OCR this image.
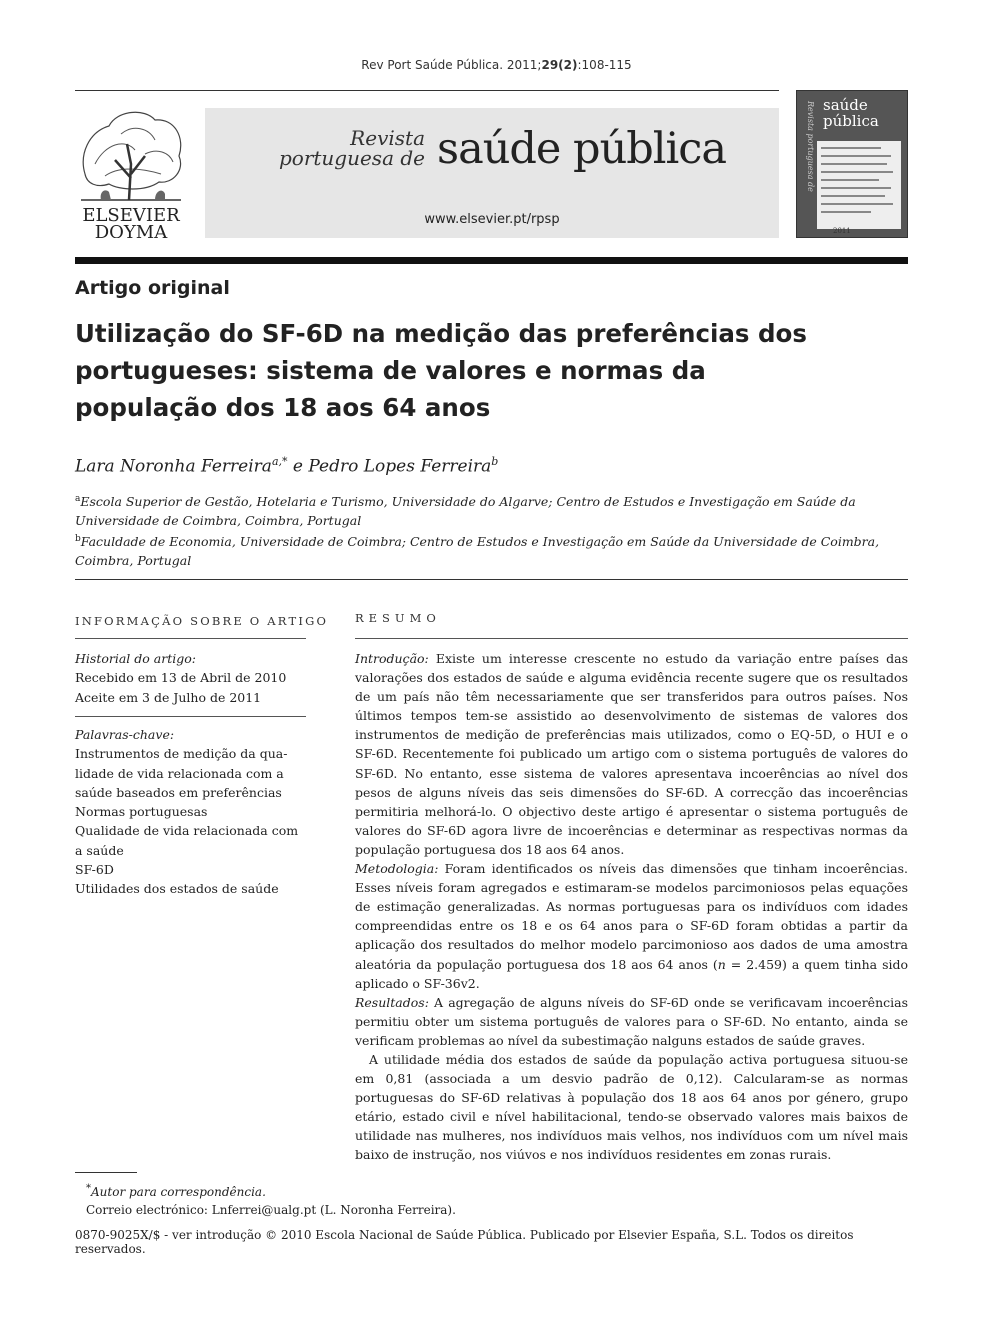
Rev Port Saúde Pública. 2011;29(2):108-115
ELSEVIER
DOYMA
Revista
portuguesa de saúde pública
www.elsevier.pt/rpsp
Revista portuguesa de saúde
pública
2011
Artigo original
Utilização do SF-6D na medição das preferências dos portugueses: sistema de valores e normas da população dos 18 aos 64 anos
Lara Noronha Ferreira$^{a,*}$ e Pedro Lopes Ferreira$^b$

$^a$Escola Superior de Gestão, Hotelaria e Turismo, Universidade do Algarve; Centro de Estudos e Investigação em Saúde da Universidade de Coimbra, Coimbra, Portugal

$^b$Faculdade de Economia, Universidade de Coimbra; Centro de Estudos e Investigação em Saúde da Universidade de Coimbra, Coimbra, Portugal

INFORMAÇÃO SOBRE O ARTIGO
Historial do artigo:
Recebido em 13 de Abril de 2010
Aceite em 3 de Julho de 2011
Palavras-chave:
Instrumentos de medição da qua-
lidade de vida relacionada com a
saúde baseados em preferências
Normas portuguesas
Qualidade de vida relacionada com
a saúde
SF-6D
Utilidades dos estados de saúde
RESUMO

Introdução: Existe um interesse crescente no estudo da variação entre países das valorações dos estados de saúde e alguma evidência recente sugere que os resultados de um país não têm necessariamente que ser transferidos para outros países. Nos últimos tempos tem-se assistido ao desenvolvimento de sistemas de valores dos instrumentos de medição de preferências mais utilizados, como o EQ-5D, o HUI e o SF-6D. Recentemente foi publicado um artigo com o sistema português de valores do SF-6D. No entanto, esse sistema de valores apresentava incoerências ao nível dos pesos de alguns níveis das seis dimensões do SF-6D. A correcção das incoerências permitiria melhorá-lo. O objectivo deste artigo é apresentar o sistema português de valores do SF-6D agora livre de incoerências e determinar as respectivas normas da população portuguesa dos 18 aos 64 anos.

Metodologia: Foram identificados os níveis das dimensões que tinham incoerências. Esses níveis foram agregados e estimaram-se modelos parcimoniosos pelas equações de estimação generalizadas. As normas portuguesas para os indivíduos com idades compreendidas entre os 18 e os 64 anos para o SF-6D foram obtidas a partir da aplicação dos resultados do melhor modelo parcimonioso aos dados de uma amostra aleatória da população portuguesa dos 18 aos 64 anos (n = 2.459) a quem tinha sido aplicado o SF-36v2.

Resultados: A agregação de alguns níveis do SF-6D onde se verificavam incoerências permitiu obter um sistema português de valores para o SF-6D. No entanto, ainda se verificam problemas ao nível da subestimação nalguns estados de saúde graves.

A utilidade média dos estados de saúde da população activa portuguesa situou-se em 0,81 (associada a um desvio padrão de 0,12). Calcularam-se as normas portuguesas do SF-6D relativas à população dos 18 aos 64 anos por género, grupo etário, estado civil e nível habilitacional, tendo-se observado valores mais baixos de utilidade nas mulheres, nos indivíduos mais velhos, nos indivíduos com um nível mais baixo de instrução, nos viúvos e nos indivíduos residentes em zonas rurais.

*Autor para correspondência.

Correio electrónico: Lnferrei@ualg.pt (L. Noronha Ferreira).

0870-9025X/$ - ver introdução © 2010 Escola Nacional de Saúde Pública. Publicado por Elsevier España, S.L. Todos os direitos reservados.
